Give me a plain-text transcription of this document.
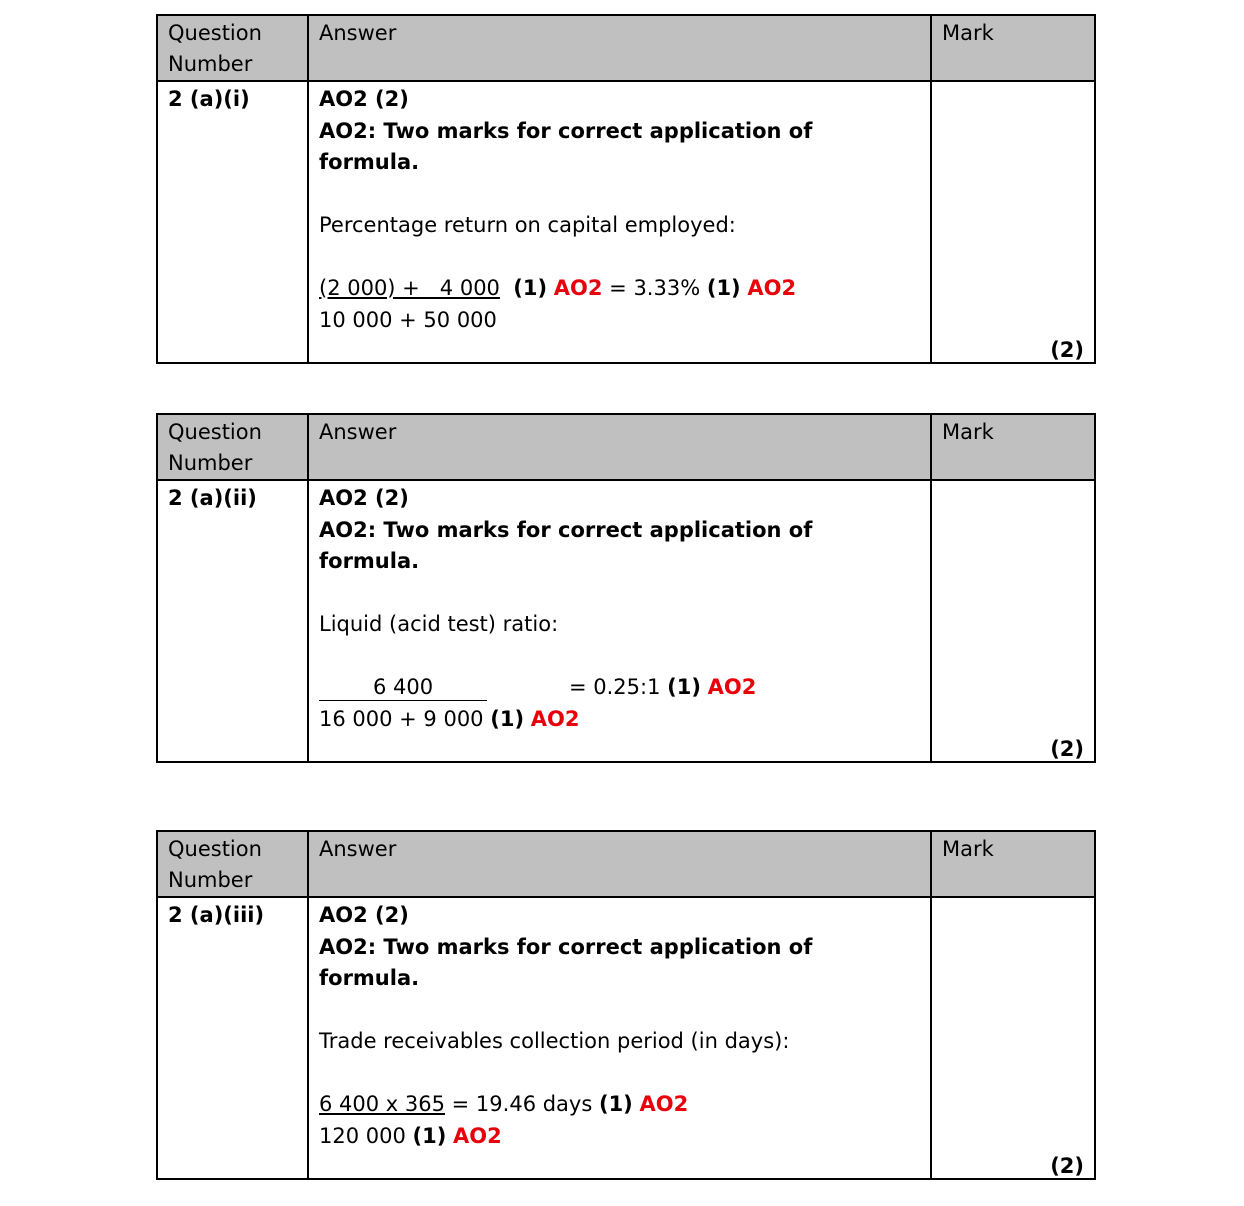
Question
Number
Answer	Mark
2 (a)(i)	AO2 (2)
AO2: Two marks for correct application of
formula.
Percentage return on capital employed:
(2 000) +   4 000 (1) AO2 = 3.33% (1) AO2
10 000 + 50 000
(2)
Question
Number
Answer	Mark
2 (a)(ii)	AO2 (2)
AO2: Two marks for correct application of
formula.
Liquid (acid test) ratio:
6 400	= 0.25:1 (1) AO2
16 000 + 9 000 (1) AO2
(2)
Question
Number
Answer	Mark
2 (a)(iii)	AO2 (2)
AO2: Two marks for correct application of
formula.
Trade receivables collection period (in days):
6 400 x 365 = 19.46 days (1) AO2
120 000 (1) AO2
(2)
